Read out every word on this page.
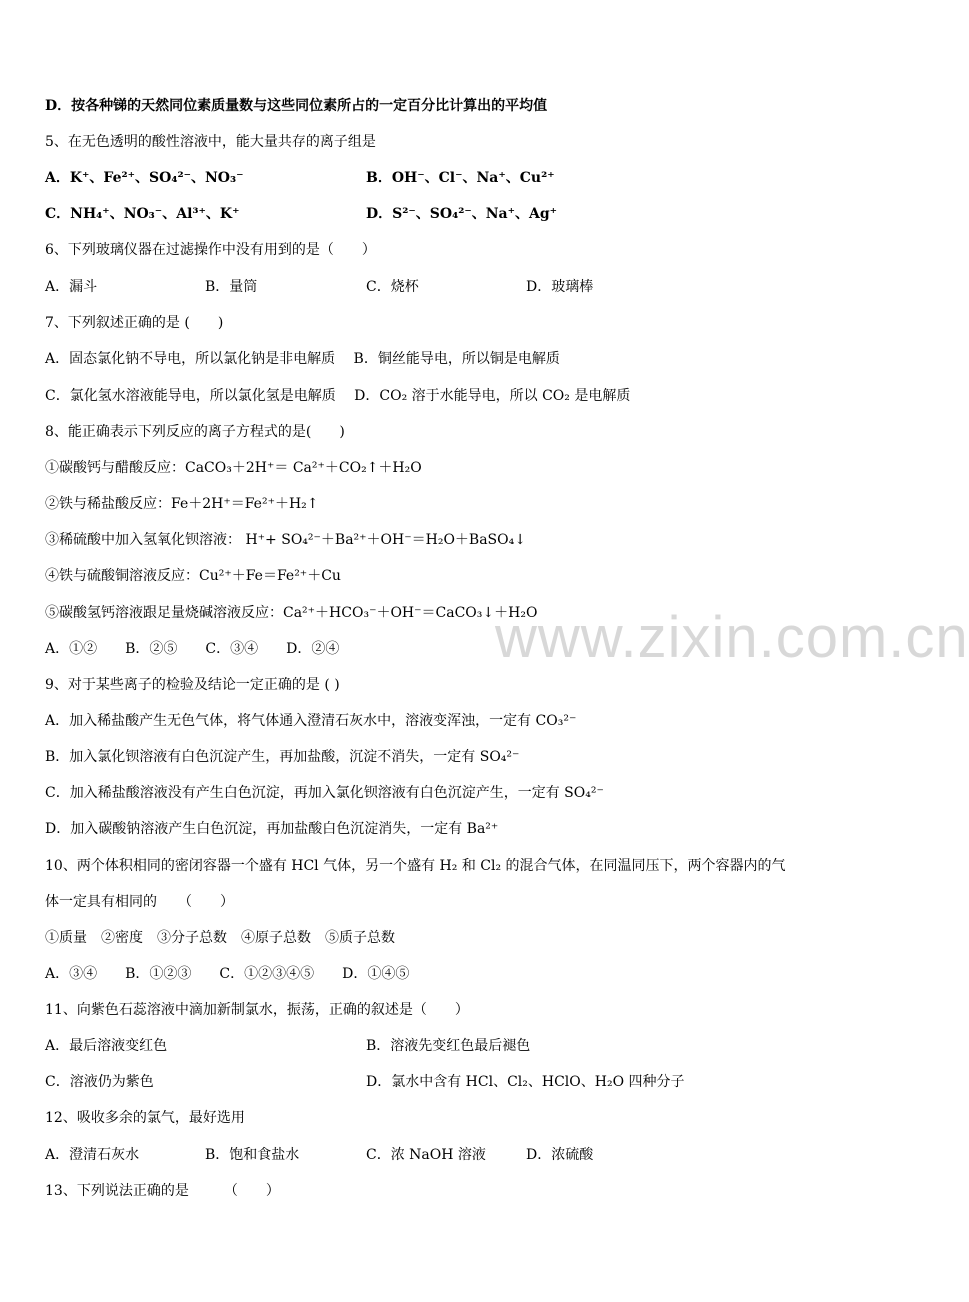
www.zixin.com.cn
D．按各种锑的天然同位素质量数与这些同位素所占的一定百分比计算出的平均值
5、在无色透明的酸性溶液中，能大量共存的离子组是
A．K⁺、Fe²⁺、SO₄²⁻、NO₃⁻	B．OH⁻、Cl⁻、Na⁺、Cu²⁺
C．NH₄⁺、NO₃⁻、Al³⁺、K⁺	D．S²⁻、SO₄²⁻、Na⁺、Ag⁺
6、下列玻璃仪器在过滤操作中没有用到的是（　　）
A．漏斗	B．量筒	C．烧杯	D．玻璃棒
7、下列叙述正确的是 (　　)
A．固态氯化钠不导电，所以氯化钠是非电解质　 B．铜丝能导电，所以铜是电解质
C．氯化氢水溶液能导电，所以氯化氢是电解质　 D．CO₂ 溶于水能导电，所以 CO₂ 是电解质
8、能正确表示下列反应的离子方程式的是(　　)
①碳酸钙与醋酸反应：CaCO₃＋2H⁺＝ Ca²⁺＋CO₂↑＋H₂O
②铁与稀盐酸反应：Fe＋2H⁺＝Fe²⁺＋H₂↑
③稀硫酸中加入氢氧化钡溶液： H⁺+ SO₄²⁻＋Ba²⁺＋OH⁻＝H₂O＋BaSO₄↓
④铁与硫酸铜溶液反应：Cu²⁺＋Fe＝Fe²⁺＋Cu
⑤碳酸氢钙溶液跟足量烧碱溶液反应：Ca²⁺＋HCO₃⁻＋OH⁻＝CaCO₃↓＋H₂O
A．①②　　B．②⑤　　C．③④　　D．②④
9、对于某些离子的检验及结论一定正确的是 ( )
A．加入稀盐酸产生无色气体，将气体通入澄清石灰水中，溶液变浑浊，一定有 CO₃²⁻
B．加入氯化钡溶液有白色沉淀产生，再加盐酸，沉淀不消失，一定有 SO₄²⁻
C．加入稀盐酸溶液没有产生白色沉淀，再加入氯化钡溶液有白色沉淀产生，一定有 SO₄²⁻
D．加入碳酸钠溶液产生白色沉淀，再加盐酸白色沉淀消失，一定有 Ba²⁺
10、两个体积相同的密闭容器一个盛有 HCl 气体，另一个盛有 H₂ 和 Cl₂ 的混合气体，在同温同压下，两个容器内的气
体一定具有相同的　　（　　）
①质量　②密度　③分子总数　④原子总数　⑤质子总数
A．③④　　B．①②③　　C．①②③④⑤　　D．①④⑤
11、向紫色石蕊溶液中滴加新制氯水，振荡，正确的叙述是（　　）
A．最后溶液变红色	B．溶液先变红色最后褪色
C．溶液仍为紫色	D．氯水中含有 HCl、Cl₂、HClO、H₂O 四种分子
12、吸收多余的氯气，最好选用
A．澄清石灰水	B．饱和食盐水	C．浓 NaOH 溶液	D．浓硫酸
13、下列说法正确的是　　　（　　）
